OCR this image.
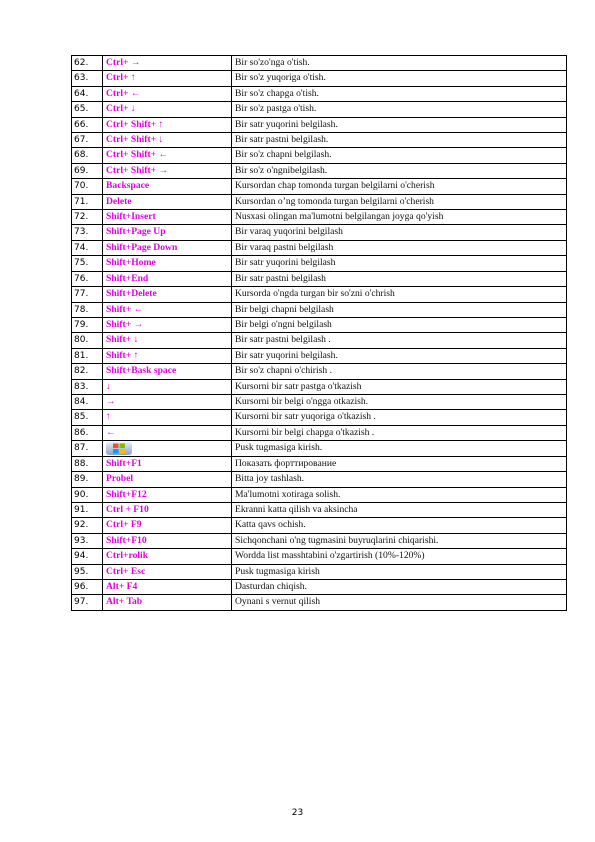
62.	Ctrl+ →	Bir so'zo'nga o'tish.
63.	Ctrl+ ↑	Bir so'z yuqoriga o'tish.
64.	Ctrl+ ←	Bir so'z chapga o'tish.
65.	Ctrl+ ↓	Bir so'z pastga o'tish.
66.	Ctrl+ Shift+ ↑	Bir satr yuqorini belgilash.
67.	Ctrl+ Shift+ ↓	Bir satr pastni belgilash.
68.	Ctrl+ Shift+ ←	Bir so'z chapni belgilash.
69.	Ctrl+ Shift+ →	Bir so'z o'ngnibelgilash.
70.	Backspace	Kursordan chap tomonda turgan belgilarni o'cherish
71.	Delete	Kursordan o’ng tomonda turgan belgilarni o'cherish
72.	Shift+Insert	Nusxasi olingan ma'lumotni belgilangan joyga qo'yish
73.	Shift+Page Up	Bir varaq yuqorini belgilash
74.	Shift+Page Down	Bir varaq pastni belgilash
75.	Shift+Home	Bir satr yuqorini belgilash
76.	Shift+End	Bir satr pastni belgilash
77.	Shift+Delete	Kursorda o'ngda turgan bir so'zni o'chrish
78.	Shift+ ←	Bir belgi chapni belgilash
79.	Shift+ →	Bir belgi o'ngni belgilash
80.	Shift+ ↓	Bir satr pastni belgilash .
81.	Shift+ ↑	Bir satr yuqorini belgilash.
82.	Shift+Bask space	Bir so'z chapni o'chirish .
83.	↓	Kursorni bir satr pastga o'tkazish
84.	→	Kursorni bir belgi o'ngga otkazish.
85.	↑	Kursorni bir satr yuqoriga o'tkazish .
86.	←	Kursorni bir belgi chapga o'tkazish .
87.		Pusk tugmasiga kirish.
88.	Shift+F1	Показать форттирование
89.	Probel	Bitta joy tashlash.
90.	Shift+F12	Ma'lumotni xotiraga solish.
91.	Ctrl + F10	Ekranni katta qilish va aksincha
92.	Ctrl+ F9	Katta qavs ochish.
93.	Shift+F10	Sichqonchani o'ng tugmasini buyruqlarini chiqarishi.
94.	Ctrl+rolik	Wordda list masshtabini o'zgartirish (10%-120%)
95.	Ctrl+ Esc	Pusk tugmasiga kirish
96.	Alt+ F4	Dasturdan chiqish.
97.	Alt+ Tab	Oynani s vernut qilish
23
